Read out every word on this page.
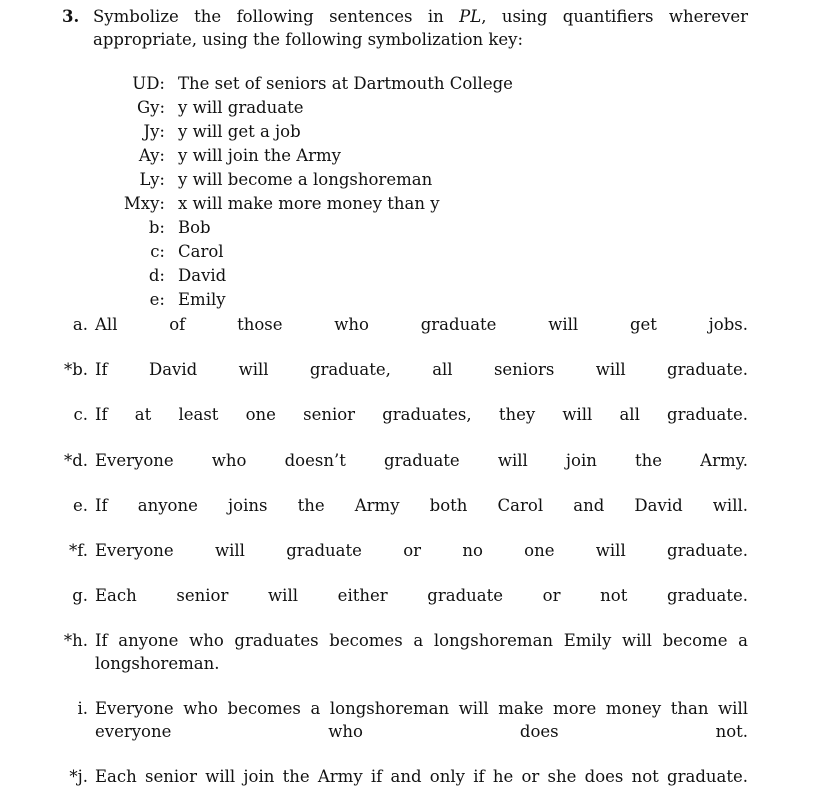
3. Symbolize the following sentences in PL, using quantifiers wherever appropriate, using the following symbolization key:
UD: The set of seniors at Dartmouth College
Gy: y will graduate
Jy: y will get a job
Ay: y will join the Army
Ly: y will become a longshoreman
Mxy: x will make more money than y
b: Bob
c: Carol
d: David
e: Emily
a. All of those who graduate will get jobs.
*b. If David will graduate, all seniors will graduate.
c. If at least one senior graduates, they will all graduate.
*d. Everyone who doesn’t graduate will join the Army.
e. If anyone joins the Army both Carol and David will.
*f. Everyone will graduate or no one will graduate.
g. Each senior will either graduate or not graduate.
*h. If anyone who graduates becomes a longshoreman Emily will become a longshoreman.
i. Everyone who becomes a longshoreman will make more money than will everyone who does not.
*j. Each senior will join the Army if and only if he or she does not graduate.
